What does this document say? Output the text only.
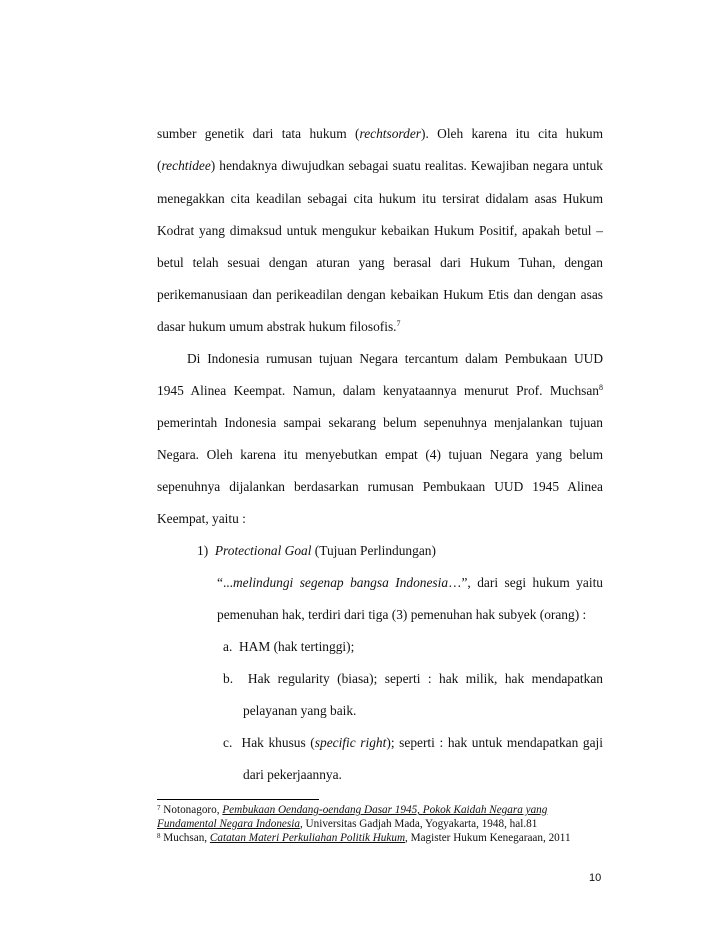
sumber genetik dari tata hukum (rechtsorder). Oleh karena itu cita hukum
(rechtidee) hendaknya diwujudkan sebagai suatu realitas. Kewajiban negara untuk
menegakkan cita keadilan sebagai cita hukum itu tersirat didalam asas Hukum
Kodrat yang dimaksud untuk mengukur kebaikan Hukum Positif, apakah betul –
betul telah sesuai dengan aturan yang berasal dari Hukum Tuhan, dengan
perikemanusiaan dan perikeadilan dengan kebaikan Hukum Etis dan dengan asas
dasar hukum umum abstrak hukum filosofis.$^7$
Di Indonesia rumusan tujuan Negara tercantum dalam Pembukaan UUD
1945 Alinea Keempat. Namun, dalam kenyataannya menurut Prof. Muchsan$^8$
pemerintah Indonesia sampai sekarang belum sepenuhnya menjalankan tujuan
Negara. Oleh karena itu menyebutkan empat (4) tujuan Negara yang belum
sepenuhnya dijalankan berdasarkan rumusan Pembukaan UUD 1945 Alinea
Keempat, yaitu :
1) Protectional Goal (Tujuan Perlindungan)
“...melindungi segenap bangsa Indonesia…”, dari segi hukum yaitu
pemenuhan hak, terdiri dari tiga (3) pemenuhan hak subyek (orang) :
a. HAM (hak tertinggi);
b. Hak regularity (biasa); seperti : hak milik, hak mendapatkan
pelayanan yang baik.
c. Hak khusus (specific right); seperti : hak untuk mendapatkan gaji
dari pekerjaannya.
$^7$ Notonagoro, Pembukaan Oendang-oendang Dasar 1945, Pokok Kaidah Negara yang
Fundamental Negara Indonesia, Universitas Gadjah Mada, Yogyakarta, 1948, hal.81
$^8$ Muchsan, Catatan Materi Perkuliahan Politik Hukum, Magister Hukum Kenegaraan, 2011
10
